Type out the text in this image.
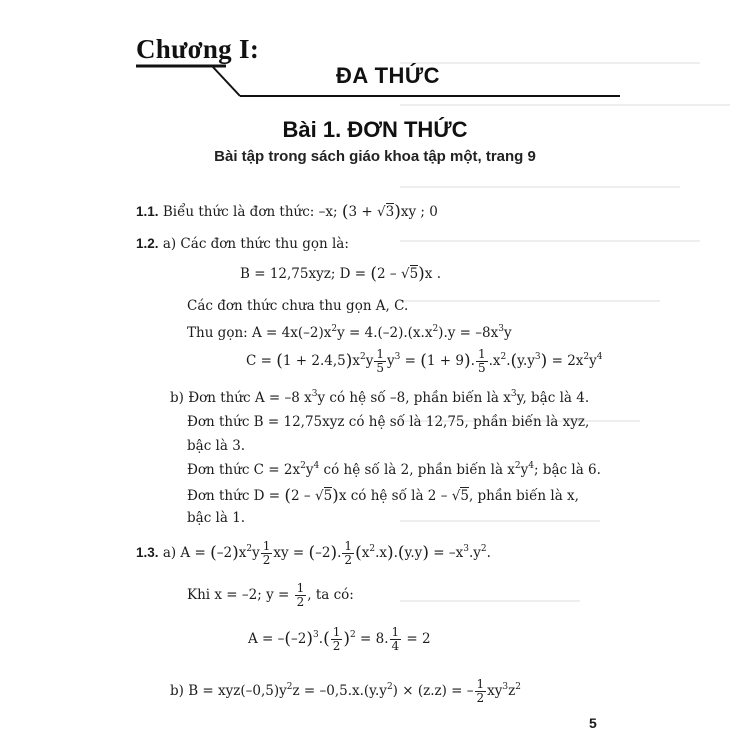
Chương I:
ĐA THỨC
Bài 1. ĐƠN THỨC
Bài tập trong sách giáo khoa tập một, trang 9
1.1. Biểu thức là đơn thức: –x; (3 + √3)xy ; 0
1.2. a) Các đơn thức thu gọn là:
B = 12,75xyz; D = (2 – √5)x .
Các đơn thức chưa thu gọn A, C.
Thu gọn: $A = 4x(-2)x^2y = 4.(-2).(x.x^2).y = -8x^3y$
$C = (1 + 2.4,5)x^2y \frac{1}{5} y^3 = (1 + 9)$. $\frac{1}{5} .x^2.(y.y^3) = 2x^2y^4$
b) Đơn thức A = –8 $x^3y$ có hệ số –8, phần biến là $x^3y$, bậc là 4.
Đơn thức B = 12,75xyz có hệ số là 12,75, phần biến là xyz,
bậc là 3.
Đơn thức $C = 2x^2y^4$ có hệ số là 2, phần biến là $x^2y^4$; bậc là 6.
Đơn thức D = (2 – √5)x có hệ số là 2 – √5, phần biến là x,
bậc là 1.
1.3. a) $A = (-2)x^2y \frac{1}{2}$ xy = (–2). $\frac{1}{2} (x^2.x).(y.y) = -x^3.y^2$.
Khi x = –2; $y = \frac{1}{2}$ , ta có:
$A = -(-2)^3.( \frac{1}{2} )^2 = 8$. $\frac{1}{4} = 2$
b) $B = xyz(-0,5)y^2z = -0,5.x.(y.y^2) \times (z.z)$ = – $\frac{1}{2} xy^3z^2$
5
